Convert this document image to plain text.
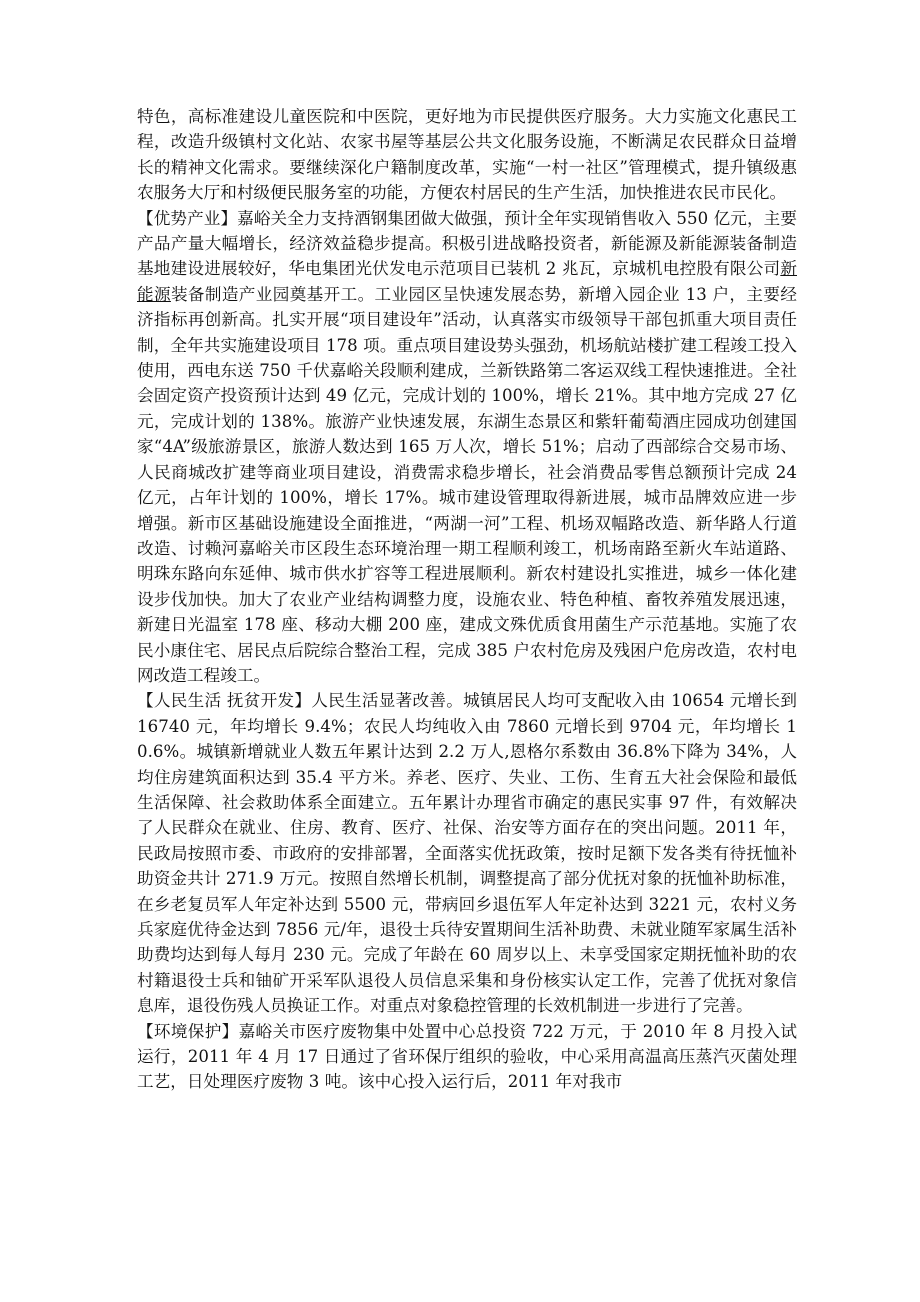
特色，高标准建设儿童医院和中医院，更好地为市民提供医疗服务。大力实施文化惠民工程，改造升级镇村文化站、农家书屋等基层公共文化服务设施，不断满足农民群众日益增长的精神文化需求。要继续深化户籍制度改革，实施“一村一社区”管理模式，提升镇级惠农服务大厅和村级便民服务室的功能，方便农村居民的生产生活，加快推进农民市民化。

【优势产业】嘉峪关全力支持酒钢集团做大做强，预计全年实现销售收入 550 亿元，主要产品产量大幅增长，经济效益稳步提高。积极引进战略投资者，新能源及新能源装备制造基地建设进展较好，华电集团光伏发电示范项目已装机 2 兆瓦，京城机电控股有限公司新能源装备制造产业园奠基开工。工业园区呈快速发展态势，新增入园企业 13 户，主要经济指标再创新高。扎实开展“项目建设年”活动，认真落实市级领导干部包抓重大项目责任制，全年共实施建设项目 178 项。重点项目建设势头强劲，机场航站楼扩建工程竣工投入使用，西电东送 750 千伏嘉峪关段顺利建成，兰新铁路第二客运双线工程快速推进。全社会固定资产投资预计达到 49 亿元，完成计划的 100%，增长 21%。其中地方完成 27 亿元，完成计划的 138%。旅游产业快速发展，东湖生态景区和紫轩葡萄酒庄园成功创建国家“4A”级旅游景区，旅游人数达到 165 万人次，增长 51%；启动了西部综合交易市场、人民商城改扩建等商业项目建设，消费需求稳步增长，社会消费品零售总额预计完成 24 亿元，占年计划的 100%，增长 17%。城市建设管理取得新进展，城市品牌效应进一步增强。新市区基础设施建设全面推进，“两湖一河”工程、机场双幅路改造、新华路人行道改造、讨赖河嘉峪关市区段生态环境治理一期工程顺利竣工，机场南路至新火车站道路、明珠东路向东延伸、城市供水扩容等工程进展顺利。新农村建设扎实推进，城乡一体化建设步伐加快。加大了农业产业结构调整力度，设施农业、特色种植、畜牧养殖发展迅速，新建日光温室 178 座、移动大棚 200 座，建成文殊优质食用菌生产示范基地。实施了农民小康住宅、居民点后院综合整治工程，完成 385 户农村危房及残困户危房改造，农村电网改造工程竣工。

【人民生活 抚贫开发】人民生活显著改善。城镇居民人均可支配收入由 10654 元增长到 16740 元，年均增长 9.4%；农民人均纯收入由 7860 元增长到 9704 元，年均增长 10.6%。城镇新增就业人数五年累计达到 2.2 万人,恩格尔系数由 36.8%下降为 34%，人均住房建筑面积达到 35.4 平方米。养老、医疗、失业、工伤、生育五大社会保险和最低生活保障、社会救助体系全面建立。五年累计办理省市确定的惠民实事 97 件，有效解决了人民群众在就业、住房、教育、医疗、社保、治安等方面存在的突出问题。2011 年，民政局按照市委、市政府的安排部署，全面落实优抚政策，按时足额下发各类有待抚恤补助资金共计 271.9 万元。按照自然增长机制，调整提高了部分优抚对象的抚恤补助标准，在乡老复员军人年定补达到 5500 元，带病回乡退伍军人年定补达到 3221 元，农村义务兵家庭优待金达到 7856 元/年，退役士兵待安置期间生活补助费、未就业随军家属生活补助费均达到每人每月 230 元。完成了年龄在 60 周岁以上、未享受国家定期抚恤补助的农村籍退役士兵和铀矿开采军队退役人员信息采集和身份核实认定工作，完善了优抚对象信息库，退役伤残人员换证工作。对重点对象稳控管理的长效机制进一步进行了完善。

【环境保护】嘉峪关市医疗废物集中处置中心总投资 722 万元，于 2010 年 8 月投入试运行，2011 年 4 月 17 日通过了省环保厅组织的验收，中心采用高温高压蒸汽灭菌处理工艺，日处理医疗废物 3 吨。该中心投入运行后，2011 年对我市
